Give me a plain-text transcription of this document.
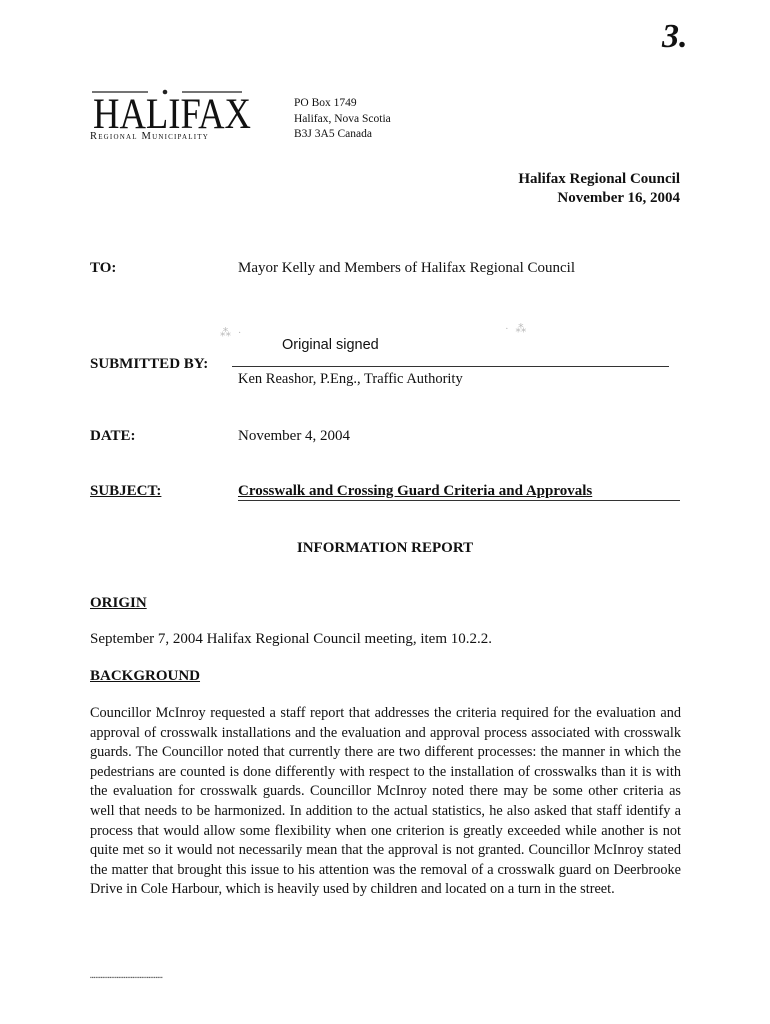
3.
HALIFAX
Regional Municipality
PO Box 1749
Halifax, Nova Scotia
B3J 3A5 Canada
Halifax Regional Council
November 16, 2004
TO:	Mayor Kelly and Members of Halifax Regional Council
⁂ ·	· ⁂
Original signed
SUBMITTED BY:
Ken Reashor, P.Eng., Traffic Authority
DATE:	November 4, 2004
SUBJECT:	Crosswalk and Crossing Guard Criteria and Approvals
INFORMATION REPORT
ORIGIN
September 7, 2004 Halifax Regional Council meeting, item 10.2.2.
BACKGROUND
Councillor McInroy requested a staff report that addresses the criteria required for the evaluation and approval of crosswalk installations and the evaluation and approval process associated with crosswalk guards. The Councillor noted that currently there are two different processes: the manner in which the pedestrians are counted is done differently with respect to the installation of crosswalks than it is with the evaluation for crosswalk guards. Councillor McInroy noted there may be some other criteria as well that needs to be harmonized. In addition to the actual statistics, he also asked that staff identify a process that would allow some flexibility when one criterion is greatly exceeded while another is not quite met so it would not necessarily mean that the approval is not granted. Councillor McInroy stated the matter that brought this issue to his attention was the removal of a crosswalk guard on Deerbrooke Drive in Cole Harbour, which is heavily used by children and located on a turn in the street.
▪▪▪▪▪▪▪▪▪▪▪▪▪▪▪▪▪▪▪▪▪▪▪▪▪▪▪▪▪▪▪▪▪▪▪▪▪▪▪▪▪
